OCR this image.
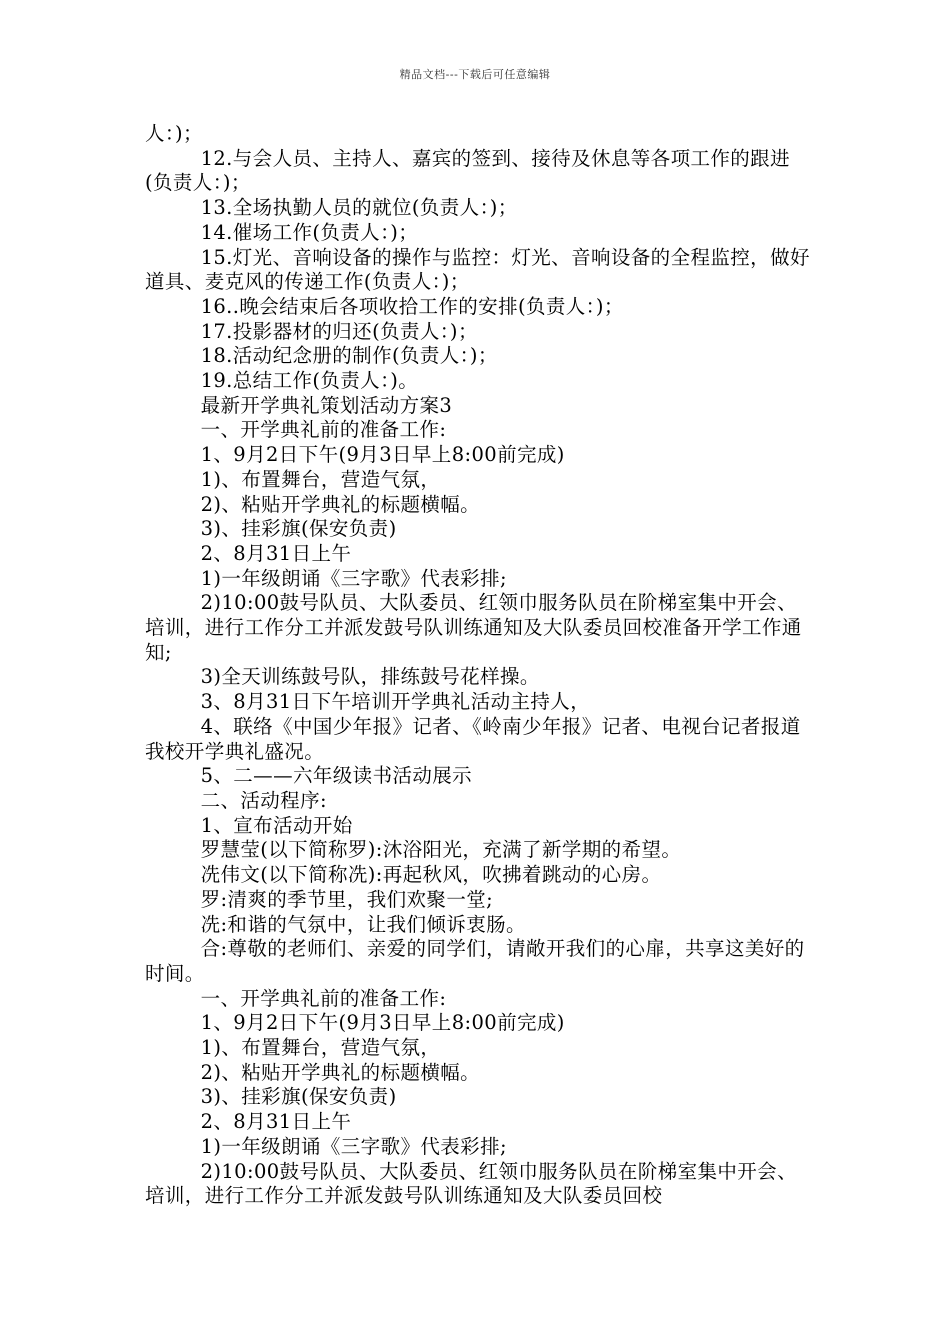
精品文档---下载后可任意编辑

人：)；

12.与会人员、主持人、嘉宾的签到、接待及休息等各项工作的跟进(负责人：)；

13.全场执勤人员的就位(负责人：)；

14.催场工作(负责人：)；

15.灯光、音响设备的操作与监控：灯光、音响设备的全程监控，做好道具、麦克风的传递工作(负责人：)；

16..晚会结束后各项收拾工作的安排(负责人：)；

17.投影器材的归还(负责人：)；

18.活动纪念册的制作(负责人：)；

19.总结工作(负责人：)。

最新开学典礼策划活动方案3

一、开学典礼前的准备工作:

1、9月2日下午(9月3日早上8:00前完成)

1)、布置舞台，营造气氛，

2)、粘贴开学典礼的标题横幅。

3)、挂彩旗(保安负责)

2、8月31日上午

1)一年级朗诵《三字歌》代表彩排;

2)10:00鼓号队员、大队委员、红领巾服务队员在阶梯室集中开会、培训，进行工作分工并派发鼓号队训练通知及大队委员回校准备开学工作通知;

3)全天训练鼓号队，排练鼓号花样操。

3、8月31日下午培训开学典礼活动主持人，

4、联络《中国少年报》记者、《岭南少年报》记者、电视台记者报道我校开学典礼盛况。

5、二——六年级读书活动展示

二、活动程序:

1、宣布活动开始

罗慧莹(以下简称罗):沐浴阳光，充满了新学期的希望。

冼伟文(以下简称冼):再起秋风，吹拂着跳动的心房。

罗:清爽的季节里，我们欢聚一堂;

冼:和谐的气氛中，让我们倾诉衷肠。

合:尊敬的老师们、亲爱的同学们，请敞开我们的心扉，共享这美好的时间。

一、开学典礼前的准备工作:

1、9月2日下午(9月3日早上8:00前完成)

1)、布置舞台，营造气氛，

2)、粘贴开学典礼的标题横幅。

3)、挂彩旗(保安负责)

2、8月31日上午

1)一年级朗诵《三字歌》代表彩排;

2)10:00鼓号队员、大队委员、红领巾服务队员在阶梯室集中开会、培训，进行工作分工并派发鼓号队训练通知及大队委员回校
